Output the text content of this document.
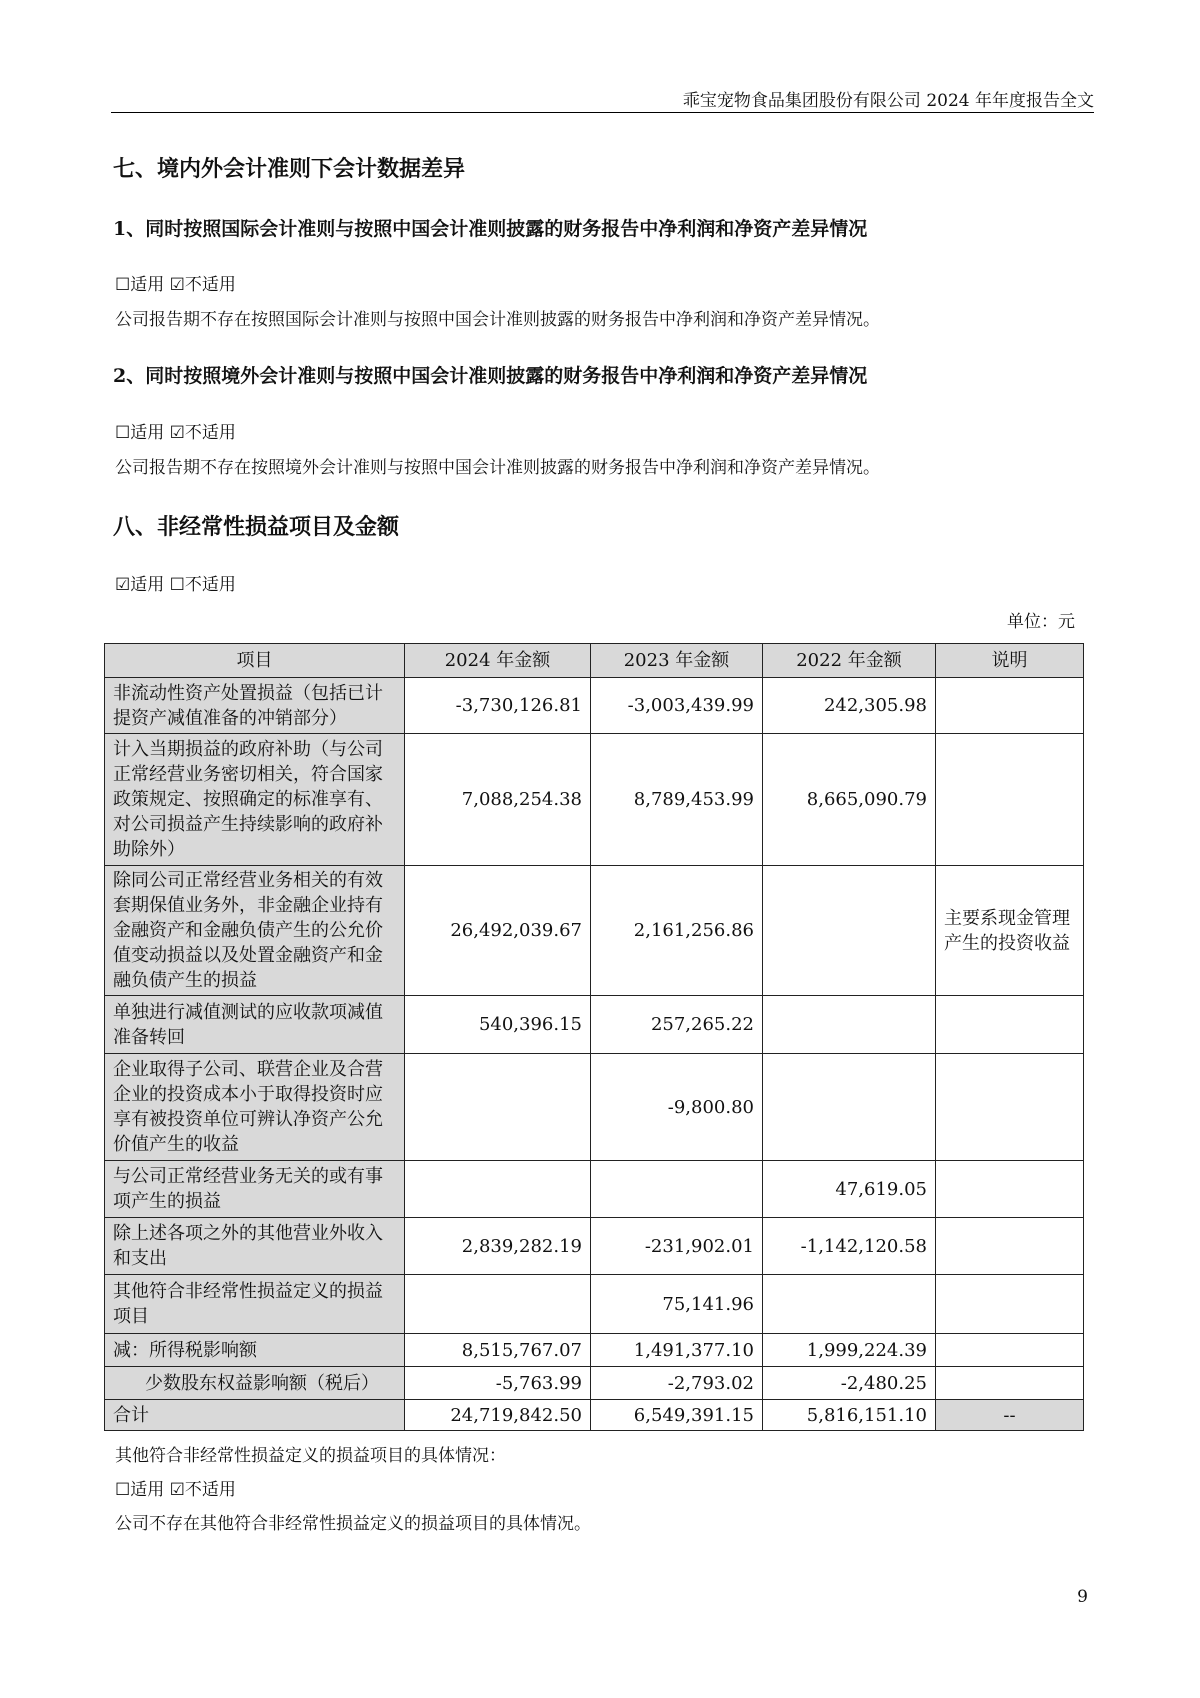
乖宝宠物食品集团股份有限公司 2024 年年度报告全文
七、境内外会计准则下会计数据差异
1、同时按照国际会计准则与按照中国会计准则披露的财务报告中净利润和净资产差异情况
☐适用 ☑不适用
公司报告期不存在按照国际会计准则与按照中国会计准则披露的财务报告中净利润和净资产差异情况。
2、同时按照境外会计准则与按照中国会计准则披露的财务报告中净利润和净资产差异情况
☐适用 ☑不适用
公司报告期不存在按照境外会计准则与按照中国会计准则披露的财务报告中净利润和净资产差异情况。
八、非经常性损益项目及金额
☑适用 ☐不适用
单位：元
项目	2024 年金额	2023 年金额	2022 年金额	说明
非流动性资产处置损益（包括已计提资产减值准备的冲销部分）	-3,730,126.81	-3,003,439.99	242,305.98	
计入当期损益的政府补助（与公司正常经营业务密切相关，符合国家政策规定、按照确定的标准享有、对公司损益产生持续影响的政府补助除外）	7,088,254.38	8,789,453.99	8,665,090.79	
除同公司正常经营业务相关的有效套期保值业务外，非金融企业持有金融资产和金融负债产生的公允价值变动损益以及处置金融资产和金融负债产生的损益	26,492,039.67	2,161,256.86		主要系现金管理产生的投资收益
单独进行减值测试的应收款项减值准备转回	540,396.15	257,265.22		
企业取得子公司、联营企业及合营企业的投资成本小于取得投资时应享有被投资单位可辨认净资产公允价值产生的收益		-9,800.80		
与公司正常经营业务无关的或有事项产生的损益			47,619.05	
除上述各项之外的其他营业外收入和支出	2,839,282.19	-231,902.01	-1,142,120.58	
其他符合非经常性损益定义的损益项目		75,141.96		
减：所得税影响额	8,515,767.07	1,491,377.10	1,999,224.39	
少数股东权益影响额（税后）	-5,763.99	-2,793.02	-2,480.25	
合计	24,719,842.50	6,549,391.15	5,816,151.10	--
其他符合非经常性损益定义的损益项目的具体情况：
☐适用 ☑不适用
公司不存在其他符合非经常性损益定义的损益项目的具体情况。
9
